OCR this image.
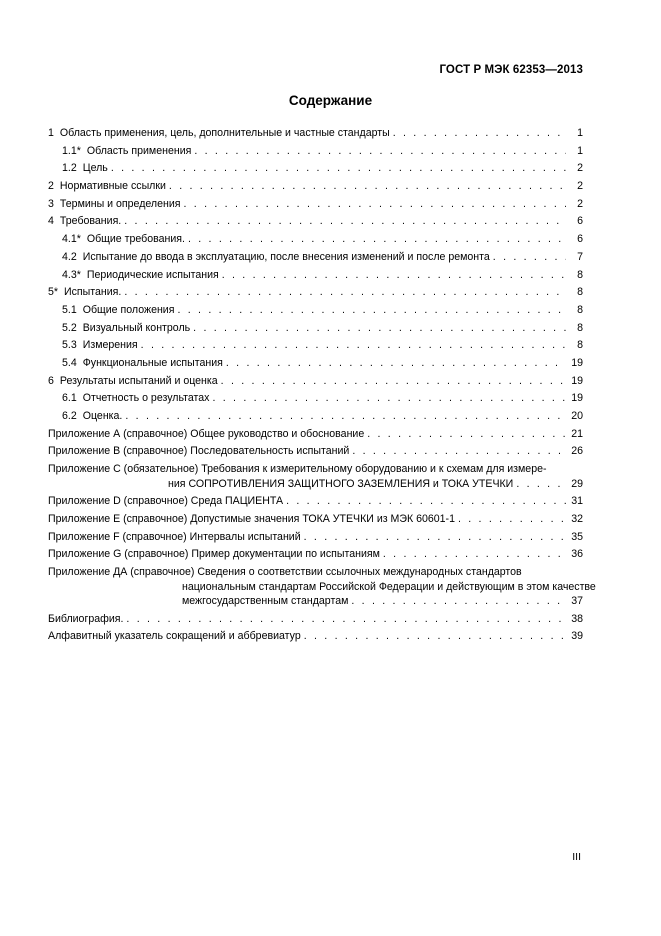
ГОСТ Р МЭК 62353—2013
Содержание
1 Область применения, цель, дополнительные и частные стандарты . . .	1
1.1* Область применения . . .	1
1.2 Цель . . .	2
2 Нормативные ссылки . . .	2
3 Термины и определения . . .	2
4 Требования. . . .	6
4.1* Общие требования. . . .	6
4.2 Испытание до ввода в эксплуатацию, после внесения изменений и после ремонта . . .	7
4.3* Периодические испытания . . .	8
5* Испытания. . . .	8
5.1 Общие положения . . .	8
5.2 Визуальный контроль . . .	8
5.3 Измерения . . .	8
5.4 Функциональные испытания . . .	19
6 Результаты испытаний и оценка . . .	19
6.1 Отчетность о результатах . . .	19
6.2 Оценка. . . .	20
Приложение А (справочное) Общее руководство и обоснование . . .	21
Приложение В (справочное) Последовательность испытаний . . .	26
Приложение С (обязательное) Требования к измерительному оборудованию и к схемам для измере-
ния СОПРОТИВЛЕНИЯ ЗАЩИТНОГО ЗАЗЕМЛЕНИЯ и ТОКА УТЕЧКИ . . .	29
Приложение D (справочное) Среда ПАЦИЕНТА . . .	31
Приложение Е (справочное) Допустимые значения ТОКА УТЕЧКИ из МЭК 60601-1 . . .	32
Приложение F (справочное) Интервалы испытаний . . .	35
Приложение G (справочное) Пример документации по испытаниям . . .	36
Приложение ДА (справочное) Сведения о соответствии ссылочных международных стандартов
национальным стандартам Российской Федерации и действующим в этом качестве
межгосударственным стандартам . . .	37
Библиография. . . .	38
Алфавитный указатель сокращений и аббревиатур . . .	39
III
